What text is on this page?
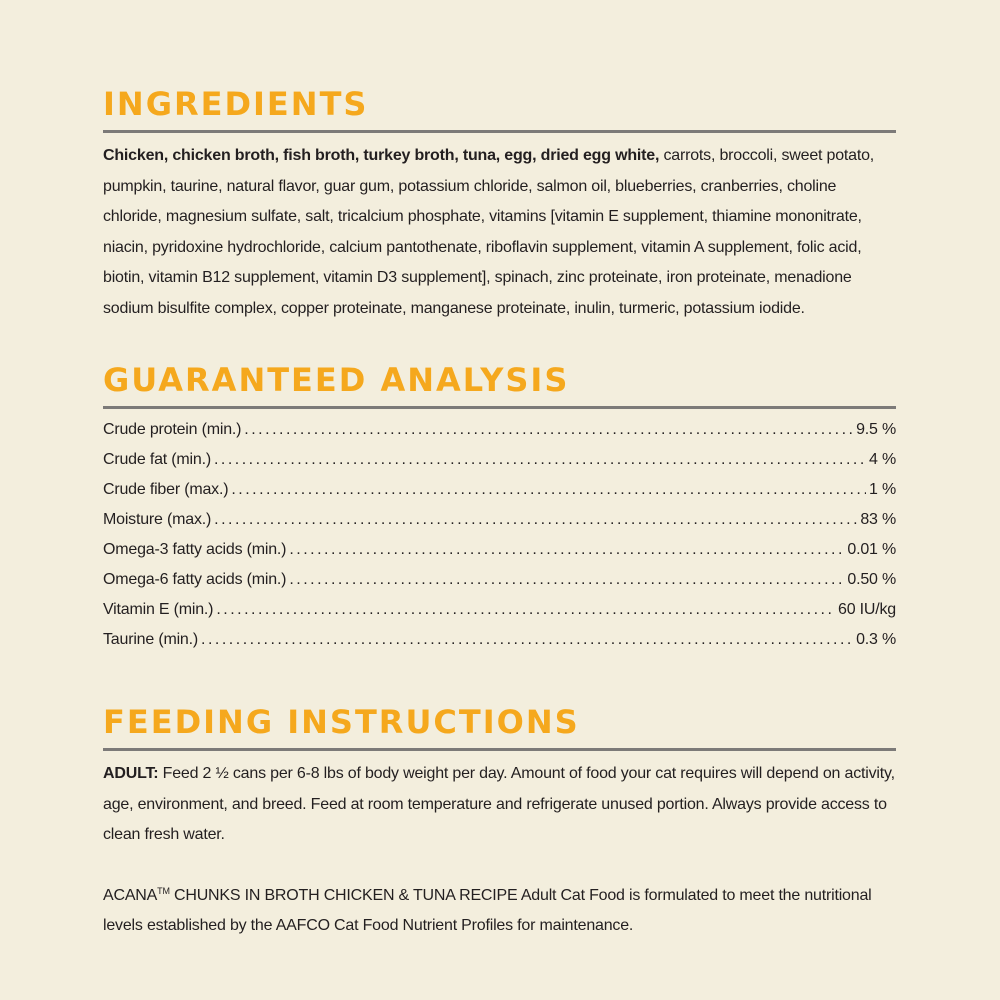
INGREDIENTS

Chicken, chicken broth, fish broth, turkey broth, tuna, egg, dried egg white, carrots, broccoli, sweet potato, pumpkin, taurine, natural flavor, guar gum, potassium chloride, salmon oil, blueberries, cranberries, choline chloride, magnesium sulfate, salt, tricalcium phosphate, vitamins [vitamin E supplement, thiamine mononitrate, niacin, pyridoxine hydrochloride, calcium pantothenate, riboflavin supplement, vitamin A supplement, folic acid, biotin, vitamin B12 supplement, vitamin D3 supplement], spinach, zinc proteinate, iron proteinate, menadione sodium bisulfite complex, copper proteinate, manganese proteinate, inulin, turmeric, potassium iodide.

GUARANTEED ANALYSIS
Crude protein (min.) .....	9.5 %
Crude fat (min.) .....	4 %
Crude fiber (max.) .....	1 %
Moisture (max.) .....	83 %
Omega-3 fatty acids (min.) .....	0.01 %
Omega-6 fatty acids (min.) .....	0.50 %
Vitamin E (min.) .....	60 IU/kg
Taurine (min.) .....	0.3 %
FEEDING INSTRUCTIONS

ADULT: Feed 2 ½ cans per 6-8 lbs of body weight per day. Amount of food your cat requires will depend on activity, age, environment, and breed. Feed at room temperature and refrigerate unused portion. Always provide access to clean fresh water.

ACANA™ CHUNKS IN BROTH CHICKEN & TUNA RECIPE Adult Cat Food is formulated to meet the nutritional levels established by the AAFCO Cat Food Nutrient Profiles for maintenance.
